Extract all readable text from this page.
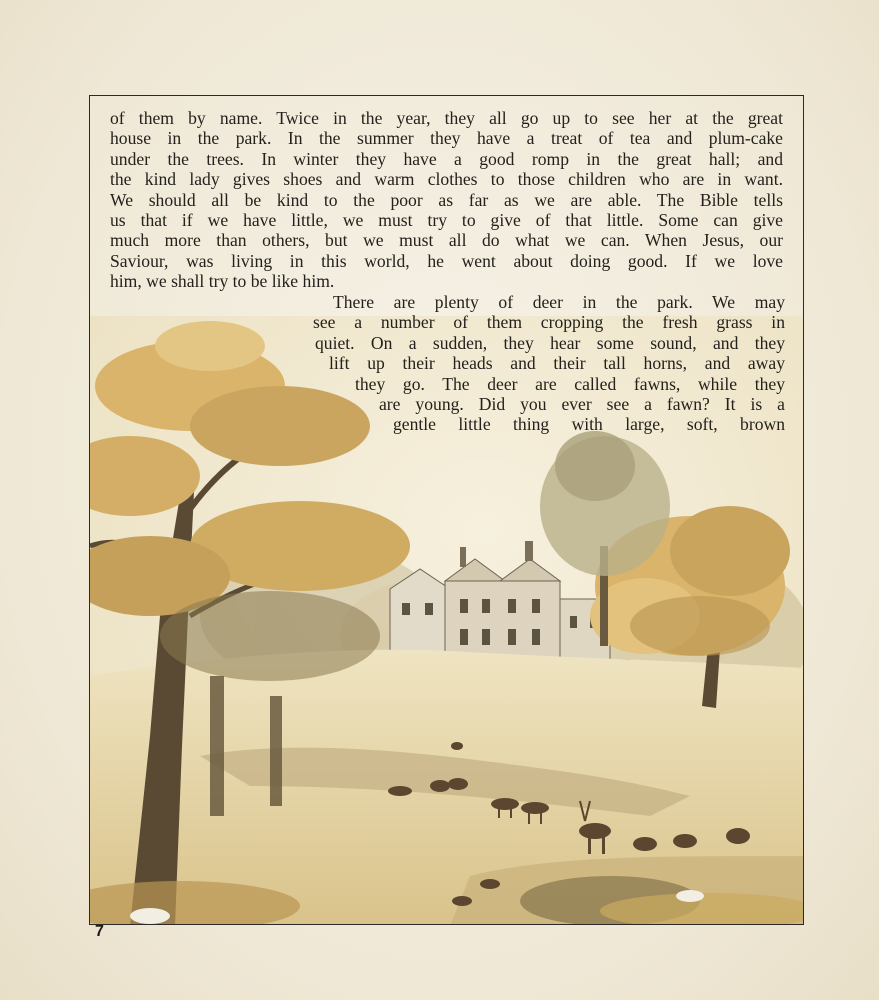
of them by name. Twice in the year, they all go up to see her at the great
house in the park. In the summer they have a treat of tea and plum-cake
under the trees. In winter they have a good romp in the great hall; and
the kind lady gives shoes and warm clothes to those children who are in want.
We should all be kind to the poor as far as we are able. The Bible tells
us that if we have little, we must try to give of that little. Some can give
much more than others, but we must all do what we can. When Jesus, our
Saviour, was living in this world, he went about doing good. If we love
him, we shall try to be like him.
There are plenty of deer in the park. We may
see a number of them cropping the fresh grass in
quiet. On a sudden, they hear some sound, and they
lift up their heads and their tall horns, and away
they go. The deer are called fawns, while they
are young. Did you ever see a fawn? It is a
gentle little thing with large, soft, brown
7
